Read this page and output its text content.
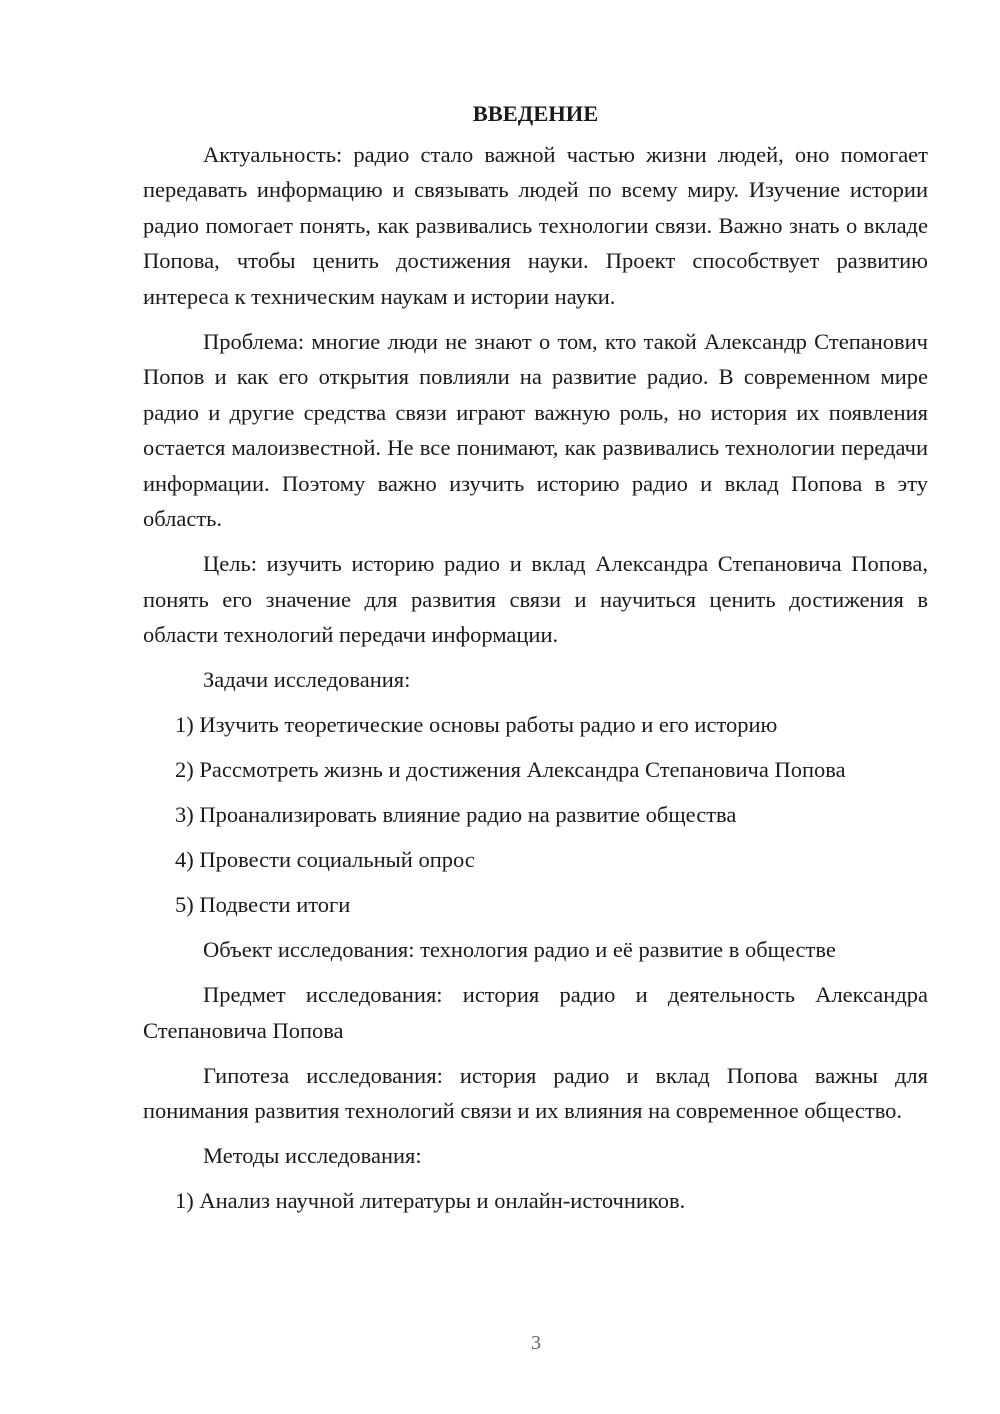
ВВЕДЕНИЕ
Актуальность: радио стало важной частью жизни людей, оно помогает передавать информацию и связывать людей по всему миру. Изучение истории радио помогает понять, как развивались технологии связи. Важно знать о вкладе Попова, чтобы ценить достижения науки. Проект способствует развитию интереса к техническим наукам и истории науки.
Проблема: многие люди не знают о том, кто такой Александр Степанович Попов и как его открытия повлияли на развитие радио. В современном мире радио и другие средства связи играют важную роль, но история их появления остается малоизвестной. Не все понимают, как развивались технологии передачи информации. Поэтому важно изучить историю радио и вклад Попова в эту область.
Цель: изучить историю радио и вклад Александра Степановича Попова, понять его значение для развития связи и научиться ценить достижения в области технологий передачи информации.
Задачи исследования:
1) Изучить теоретические основы работы радио и его историю
2) Рассмотреть жизнь и достижения Александра Степановича Попова
3) Проанализировать влияние радио на развитие общества
4) Провести социальный опрос
5) Подвести итоги
Объект исследования: технология радио и её развитие в обществе
Предмет исследования: история радио и деятельность Александра Степановича Попова
Гипотеза исследования: история радио и вклад Попова важны для понимания развития технологий связи и их влияния на современное общество.
Методы исследования:
1) Анализ научной литературы и онлайн-источников.
3
